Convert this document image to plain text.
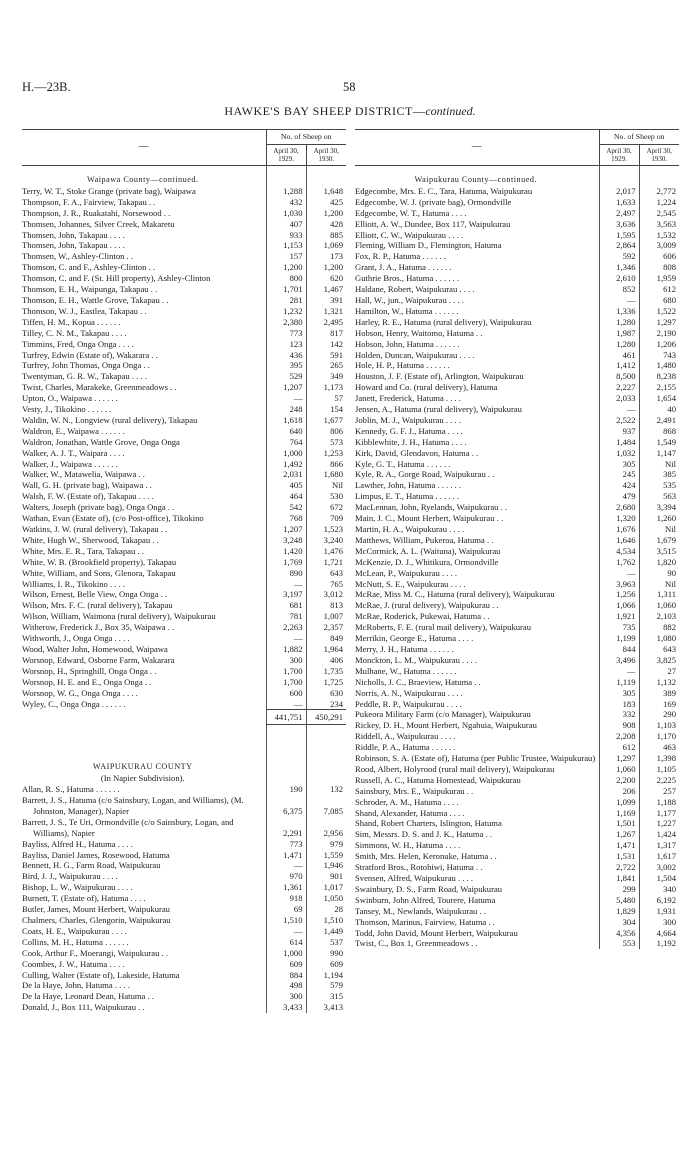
H.—23B.	58
HAWKE'S BAY SHEEP DISTRICT—continued.
—	No. of Sheep on	
	April 30, 1929.	April 30, 1930.
Waipawa County—continued.		
Terry, W. T., Stoke Grange (private bag), Waipawa	1,288	1,648
Thompson, F. A., Fairview, Takapau . .	432	425
Thompson, J. R., Ruakatahi, Norsewood . .	1,030	1,200
Thomsen, Johannes, Silver Creek, Makaretu	407	428
Thomsen, John, Takapau . . . .	933	885
Thomsen, John, Takapau . . . .	1,153	1,069
Thomsen, W., Ashley-Clinton . .	157	173
Thomson, C. and F., Ashley-Clinton . .	1,200	1,200
Thomson, C. and F. (St. Hill property), Ashley-Clinton	800	620
Thomson, E. H., Waipunga, Takapau . .	1,701	1,467
Thomson, E. H., Wattle Grove, Takapau . .	281	391
Thomson, W. J., Eastlea, Takapau . .	1,232	1,321
Tiffen, H. M., Kopua . . . . . .	2,380	2,495
Tilley, C. N. M., Takapau . . . .	773	817
Timmins, Fred, Onga Onga . . . .	123	142
Turfrey, Edwin (Estate of), Wakarara . .	436	591
Turfrey, John Thomas, Onga Onga . .	395	265
Twentyman, G. R. W., Takapau . . . .	529	349
Twist, Charles, Marakeke, Greenmeadows . .	1,207	1,173
Upton, O., Waipawa . . . . . .	—	57
Vesty, J., Tikokino . . . . . .	248	154
Waldin, W. N., Longview (rural delivery), Takapau	1,618	1,677
Waldron, E., Waipawa . . . . . .	640	806
Waldron, Jonathan, Wattle Grove, Onga Onga	764	573
Walker, A. J. T., Waipara . . . .	1,000	1,253
Walker, J., Waipawa . . . . . .	1,492	866
Walker, W., Matawelia, Waipawa . .	2,031	1,680
Wall, G. H. (private bag), Waipawa . .	405	Nil
Walsh, F. W. (Estate of), Takapau . . . .	464	530
Walters, Joseph (private bag), Onga Onga . .	542	672
Wathan, Evan (Estate of), (c/o Post-office), Tikokino	768	709
Watkins, J. W. (rural delivery), Takapau . .	1,207	1,523
White, Hugh W., Sherwood, Takapau . .	3,248	3,240
White, Mrs. E. R., Tara, Takapau . .	1,420	1,476
White, W. B. (Brookfield property), Takapau	1,769	1,721
White, William, and Sons, Glenora, Takapau	890	643
Williams, I. R., Tikokino . . . .	—	765
Wilson, Ernest, Belle View, Onga Onga . .	3,197	3,012
Wilson, Mrs. F. C. (rural delivery), Takapau	681	813
Wilson, William, Waimona (rural delivery), Waipukurau	781	1,007
Witherow, Frederick J., Box 35, Waipawa . .	2,263	2,357
Withworth, J., Onga Onga . . . .	—	849
Wood, Walter John, Homewood, Waipawa	1,882	1,964
Worsnop, Edward, Osborne Farm, Wakarara	300	406
Worsnop, H., Springhill, Onga Onga . .	1,700	1,735
Worsnop, H. E. and E., Onga Onga . .	1,700	1,725
Worsnop, W. G., Onga Onga . . . .	600	630
Wyley, C., Onga Onga . . . . . .	—	234
	441,751	450,291

WAIPUKURAU COUNTY		
(In Napier Subdivision).		
Allan, R. S., Hatuma . . . . . .	190	132
Barrett, J. S., Hatuma (c/o Sainsbury, Logan, and Williams), (M. Johnston, Manager), Napier	6,375	7,085
Barrett, J. S., Te Uri, Ormondville (c/o Sainsbury, Logan, and Williams), Napier	2,291	2,956
Bayliss, Alfred H., Hatuma . . . .	773	979
Bayliss, Daniel James, Rosewood, Hatuma	1,471	1,559
Bennett, H. G., Farm Road, Waipukurau	—	1,946
Bird, J. J., Waipukurau . . . .	970	901
Bishop, L. W., Waipukurau . . . .	1,361	1,017
Burnett, T. (Estate of), Hatuma . . . .	918	1,050
Butler, James, Mount Herbert, Waipukurau	69	28
Chalmers, Charles, Glengorin, Waipukurau	1,510	1,510
Coats, H. E., Waipukurau . . . .	—	1,449
Collins, M. H., Hatuma . . . . . .	614	537
Cook, Arthur F., Moerangi, Waipukurau . .	1,000	990
Coombes, J. W., Hatuma . . . .	609	609
Culling, Walter (Estate of), Lakeside, Hatuma	884	1,194
De la Haye, John, Hatuma . . . .	498	579
De la Haye, Leonard Dean, Hatuma . .	300	315
Donald, J., Box 111, Waipukurau . .	3,433	3,413
—	No. of Sheep on	
	April 30, 1929.	April 30, 1930.
Waipukurau County—continued.		
Edgecombe, Mrs. E. C., Tara, Hatuma, Waipukurau	2,017	2,772
Edgecombe, W. J. (private bag), Ormondville	1,633	1,224
Edgecombe, W. T., Hatuma . . . .	2,497	2,545
Elliott, A. W., Dundee, Box 117, Waipukurau	3,636	3,563
Elliott, C. W., Waipukurau . . . .	1,595	1,532
Fleming, William D., Flemington, Hatuma	2,864	3,009
Fox, R. P., Hatuma . . . . . .	592	606
Grant, J. A., Hatuma . . . . . .	1,346	808
Guthrie Bros., Hatuma . . . . . .	2,610	1,959
Haldane, Robert, Waipukurau . . . .	852	612
Hall, W., jun., Waipukurau . . . .	—	680
Hamilton, W., Hatuma . . . . . .	1,336	1,522
Harley, R. E., Hatuma (rural delivery), Waipukurau	1,280	1,297
Hobson, Henry, Waitomo, Hatuma . .	1,987	2,190
Hobson, John, Hatuma . . . . . .	1,280	1,206
Holden, Duncan, Waipukurau . . . .	461	743
Hole, H. P., Hatuma . . . . . .	1,412	1,480
Houston, J. F. (Estate of), Arlington, Waipukurau	8,500	8,238
Howard and Co. (rural delivery), Hatuma	2,227	2,155
Janett, Frederick, Hatuma . . . .	2,033	1,654
Jensen, A., Hatuma (rural delivery), Waipukurau	—	40
Joblin, M. J., Waipukurau . . . .	2,522	2,491
Kennedy, G. F. J., Hatuma . . . .	937	868
Kibblewhite, J. H., Hatuma . . . .	1,484	1,549
Kirk, David, Glendavon, Hatuma . .	1,032	1,147
Kyle, G. T., Hatuma . . . . . .	305	Nil
Kyle, R. A., Gorge Road, Waipukurau . .	245	385
Lawther, John, Hatuma . . . . . .	424	535
Limpus, E. T., Hatuma . . . . . .	479	563
MacLennan, John, Ryelands, Waipukurau . .	2,680	3,394
Main, J. C., Mount Herbert, Waipukurau . .	1,320	1,260
Martin, H. A., Waipukurau . . . .	1,676	Nil
Matthews, William, Pukeroa, Hatuma . .	1,646	1,679
McCormick, A. L. (Waituna), Waipukurau	4,534	3,515
McKenzie, D. J., Whitikura, Ormondville	1,762	1,820
McLean, P., Waipukurau . . . .	—	90
McNutt, S. E., Waipukurau . . . .	3,963	Nil
McRae, Miss M. C., Hatuma (rural delivery), Waipukurau	1,256	1,311
McRae, J. (rural delivery), Waipukurau . .	1,066	1,060
McRae, Roderick, Pukewai, Hatuma . .	1,921	2,103
McRoberts, F. E. (rural mail delivery), Waipukurau	735	882
Merrikin, George E., Hatuma . . . .	1,199	1,080
Merry, J. H., Hatuma . . . . . .	844	643
Monckton, L. M., Waipukurau . . . .	3,496	3,825
Mulhane, W., Hatuma . . . . . .	—	27
Nicholls, J. C., Braeview, Hatuma . .	1,119	1,132
Norris, A. N., Waipukurau . . . .	305	389
Peddle, R. P., Waipukurau . . . .	183	169
Pukeora Military Farm (c/o Manager), Waipukurau	332	290
Rickey, D. H., Mount Herbert, Ngahuia, Waipukurau	908	1,103
Riddell, A., Waipukurau . . . .	2,208	1,170
Riddle, P. A., Hatuma . . . . . .	612	463
Robinson, S. A. (Estate of), Hatuma (per Public Trustee, Waipukurau)	1,297	1,398
Rood, Albert, Holyrood (rural mail delivery), Waipukurau	1,060	1,105
Russell, A. C., Hatuma Homestead, Waipukurau	2,200	2,225
Sainsbury, Mrs. E., Waipukurau . .	206	257
Schroder, A. M., Hatuma . . . .	1,099	1,188
Shand, Alexander, Hatuma . . . .	1,169	1,177
Shand, Robert Charters, Islington, Hatuma	1,501	1,227
Sim, Messrs. D. S. and J. K., Hatuma . .	1,267	1,424
Simmons, W. H., Hatuma . . . .	1,471	1,317
Smith, Mrs. Helen, Keronuke, Hatuma . .	1,531	1,617
Stratford Bros., Rotohiwi, Hatuma . .	2,722	3,002
Svensen, Alfred, Waipukurau . . . .	1,841	1,504
Swainbury, D. S., Farm Road, Waipukurau	299	340
Swinburn, John Alfred, Tourere, Hatuma	5,480	6,192
Tansey, M., Newlands, Waipukurau . .	1,829	1,931
Thomson, Marinus, Fairview, Hatuma . .	304	300
Todd, John David, Mount Herbert, Waipukurau	4,356	4,664
Twist, C., Box 1, Greenmeadows . .	553	1,192
